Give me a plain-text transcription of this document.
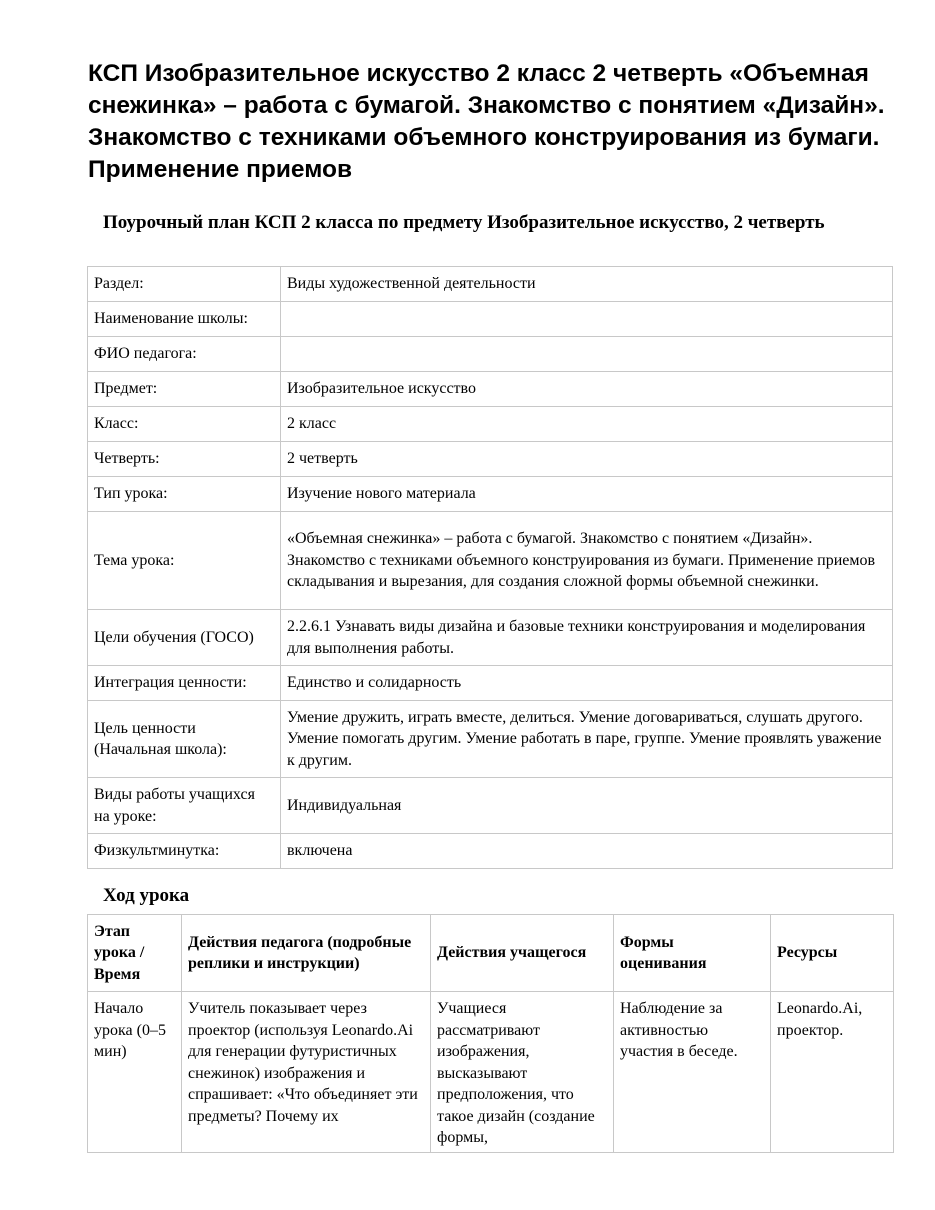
КСП Изобразительное искусство 2 класс 2 четверть «Объемная снежинка» – работа с бумагой. Знакомство с понятием «Дизайн». Знакомство с техниками объемного конструирования из бумаги. Применение приемов
Поурочный план КСП 2 класса по предмету Изобразительное искусство, 2 четверть
Раздел:	Виды художественной деятельности
Наименование школы:	
ФИО педагога:	
Предмет:	Изобразительное искусство
Класс:	2 класс
Четверть:	2 четверть
Тип урока:	Изучение нового материала
Тема урока:	«Объемная снежинка» – работа с бумагой. Знакомство с понятием «Дизайн». Знакомство с техниками объемного конструирования из бумаги. Применение приемов складывания и вырезания, для создания сложной формы объемной снежинки.
Цели обучения (ГОСО)	2.2.6.1 Узнавать виды дизайна и базовые техники конструирования и моделирования для выполнения работы.
Интеграция ценности:	Единство и солидарность
Цель ценности (Начальная школа):	Умение дружить, играть вместе, делиться. Умение договариваться, слушать другого. Умение помогать другим. Умение работать в паре, группе. Умение проявлять уважение к другим.
Виды работы учащихся на уроке:	Индивидуальная
Физкультминутка:	включена
Ход урока
Этап урока / Время	Действия педагога (подробные реплики и инструкции)	Действия учащегося	Формы оценивания	Ресурсы

Начало урока (0–5 мин)	Учитель показывает через проектор (используя Leonardo.Ai для генерации футуристичных снежинок) изображения и спрашивает: «Что объединяет эти предметы? Почему их	Учащиеся рассматривают изображения, высказывают предположения, что такое дизайн (создание формы,	Наблюдение за активностью участия в беседе.	Leonardo.Ai, проектор.
